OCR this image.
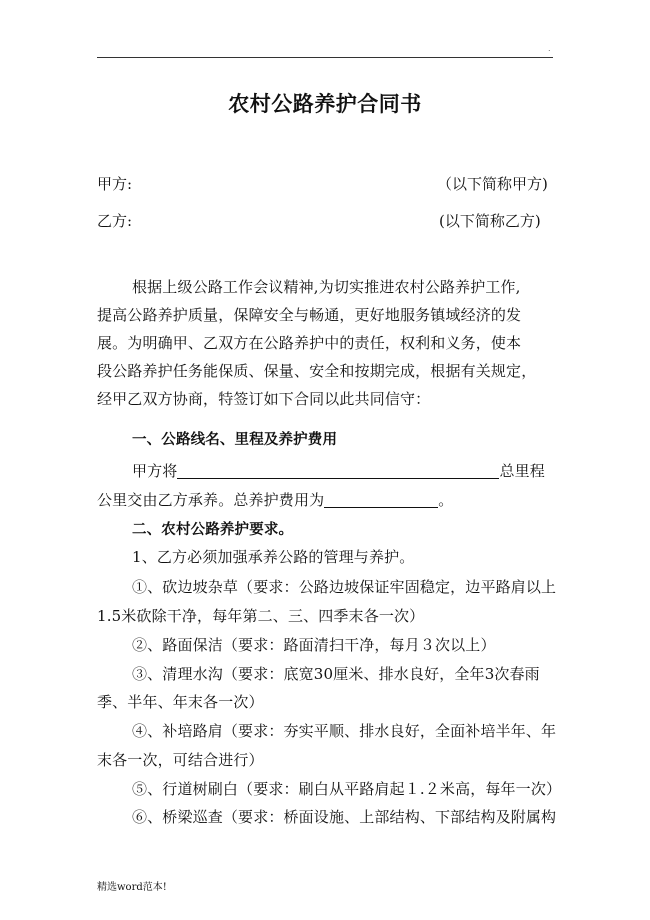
.
农村公路养护合同书
甲方:	（以下简称甲方)
乙方:	(以下简称乙方)
根据上级公路工作会议精神,为切实推进农村公路养护工作,
提高公路养护质量，保障安全与畅通，更好地服务镇域经济的发
展。为明确甲、乙双方在公路养护中的责任，权利和义务，使本
段公路养护任务能保质、保量、安全和按期完成，根据有关规定，
经甲乙双方协商，特签订如下合同以此共同信守：
一、公路线名、里程及养护费用
甲方将	总里程
公里交由乙方承养。总养护费用为	。
二、农村公路养护要求。
1、乙方必须加强承养公路的管理与养护。
①、砍边坡杂草（要求：公路边坡保证牢固稳定，边平路肩以上
1.5米砍除干净，每年第二、三、四季末各一次）
②、路面保洁（要求：路面清扫干净，每月３次以上）
③、清理水沟（要求：底宽30厘米、排水良好，全年3次春雨
季、半年、年末各一次）
④、补培路肩（要求：夯实平顺、排水良好，全面补培半年、年
末各一次，可结合进行）
⑤、行道树刷白（要求：刷白从平路肩起１.２米高，每年一次）
⑥、桥梁巡查（要求：桥面设施、上部结构、下部结构及附属构
精选word范本!
